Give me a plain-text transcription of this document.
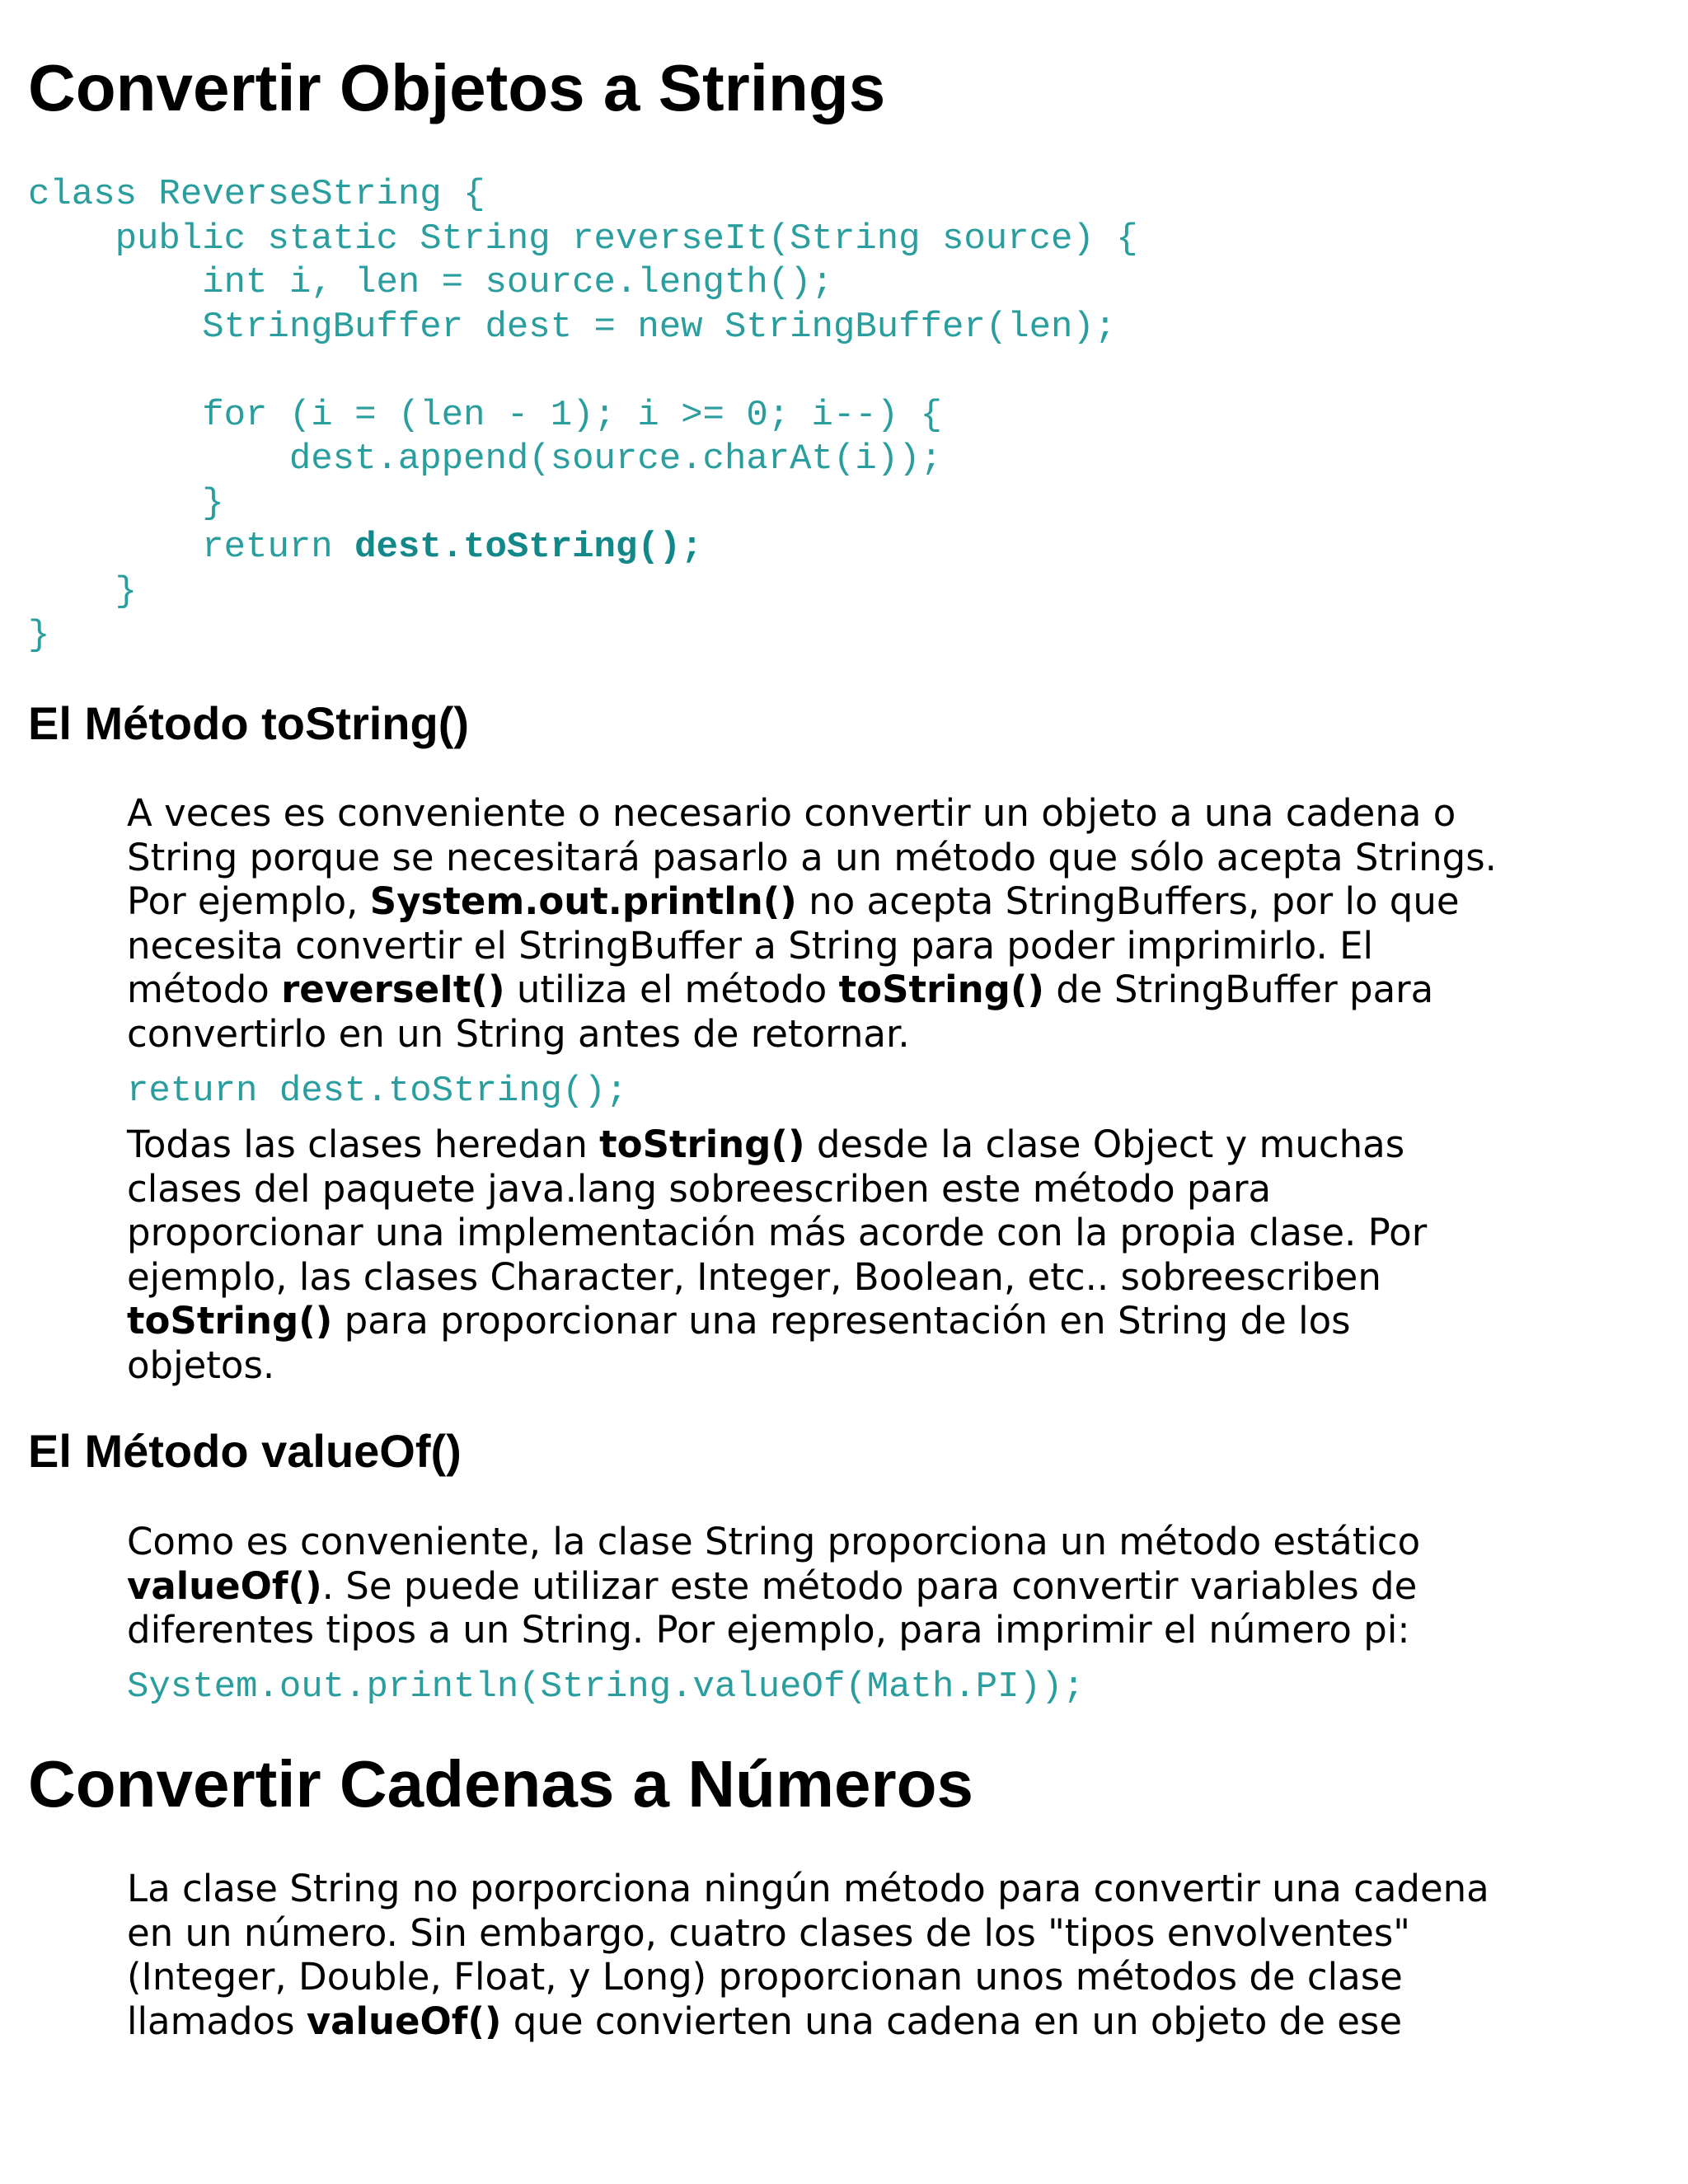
Convertir Objetos a Strings
class ReverseString {
public static String reverseIt(String source) {
int i, len = source.length();
StringBuffer dest = new StringBuffer(len);

for (i = (len - 1); i >= 0; i--) {
dest.append(source.charAt(i));
}
return dest.toString();
}
}
El Método toString()
A veces es conveniente o necesario convertir un objeto a una cadena o
String porque se necesitará pasarlo a un método que sólo acepta Strings.
Por ejemplo, System.out.println() no acepta StringBuffers, por lo que
necesita convertir el StringBuffer a String para poder imprimirlo. El
método reverseIt() utiliza el método toString() de StringBuffer para
convertirlo en un String antes de retornar.
return dest.toString();
Todas las clases heredan toString() desde la clase Object y muchas
clases del paquete java.lang sobreescriben este método para
proporcionar una implementación más acorde con la propia clase. Por
ejemplo, las clases Character, Integer, Boolean, etc.. sobreescriben
toString() para proporcionar una representación en String de los
objetos.
El Método valueOf()
Como es conveniente, la clase String proporciona un método estático
valueOf(). Se puede utilizar este método para convertir variables de
diferentes tipos a un String. Por ejemplo, para imprimir el número pi:
System.out.println(String.valueOf(Math.PI));
Convertir Cadenas a Números
La clase String no porporciona ningún método para convertir una cadena
en un número. Sin embargo, cuatro clases de los "tipos envolventes"
(Integer, Double, Float, y Long) proporcionan unos métodos de clase
llamados valueOf() que convierten una cadena en un objeto de ese
